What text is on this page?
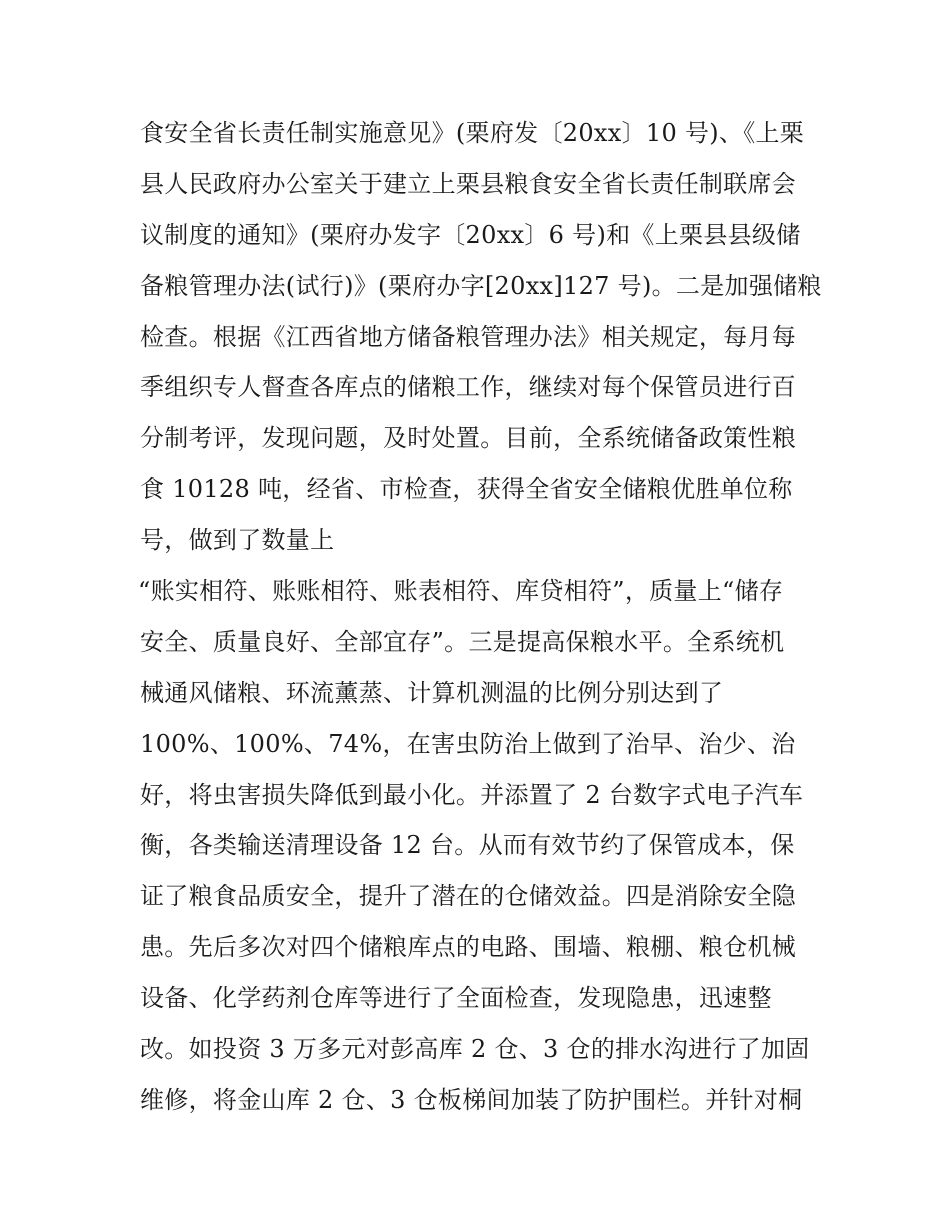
食安全省长责任制实施意见》(栗府发〔20xx〕10 号)、《上栗
县人民政府办公室关于建立上栗县粮食安全省长责任制联席会
议制度的通知》(栗府办发字〔20xx〕6 号)和《上栗县县级储
备粮管理办法(试行)》(栗府办字[20xx]127 号)。二是加强储粮
检查。根据《江西省地方储备粮管理办法》相关规定，每月每
季组织专人督查各库点的储粮工作，继续对每个保管员进行百
分制考评，发现问题，及时处置。目前，全系统储备政策性粮
食 10128 吨，经省、市检查，获得全省安全储粮优胜单位称
号，做到了数量上
“账实相符、账账相符、账表相符、库贷相符”，质量上“储存
安全、质量良好、全部宜存”。三是提高保粮水平。全系统机
械通风储粮、环流薰蒸、计算机测温的比例分别达到了
100%、100%、74%，在害虫防治上做到了治早、治少、治
好，将虫害损失降低到最小化。并添置了 2 台数字式电子汽车
衡，各类输送清理设备 12 台。从而有效节约了保管成本，保
证了粮食品质安全，提升了潜在的仓储效益。四是消除安全隐
患。先后多次对四个储粮库点的电路、围墙、粮棚、粮仓机械
设备、化学药剂仓库等进行了全面检查，发现隐患，迅速整
改。如投资 3 万多元对彭高库 2 仓、3 仓的排水沟进行了加固
维修，将金山库 2 仓、3 仓板梯间加装了防护围栏。并针对桐
